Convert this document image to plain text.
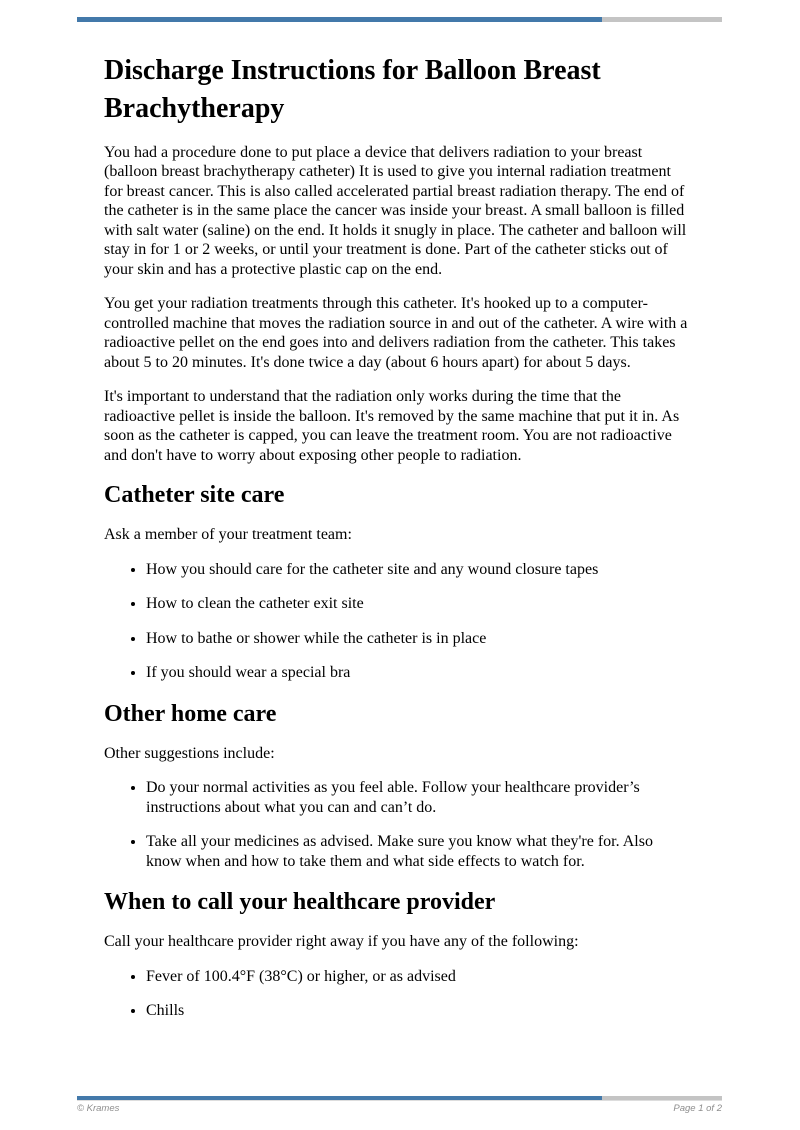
Discharge Instructions for Balloon Breast Brachytherapy

You had a procedure done to put place a device that delivers radiation to your breast (balloon breast brachytherapy catheter) It is used to give you internal radiation treatment for breast cancer. This is also called accelerated partial breast radiation therapy. The end of the catheter is in the same place the cancer was inside your breast. A small balloon is filled with salt water (saline) on the end. It holds it snugly in place. The catheter and balloon will stay in for 1 or 2 weeks, or until your treatment is done. Part of the catheter sticks out of your skin and has a protective plastic cap on the end.

You get your radiation treatments through this catheter. It's hooked up to a computer-controlled machine that moves the radiation source in and out of the catheter. A wire with a radioactive pellet on the end goes into and delivers radiation from the catheter. This takes about 5 to 20 minutes. It's done twice a day (about 6 hours apart) for about 5 days.

It's important to understand that the radiation only works during the time that the radioactive pellet is inside the balloon. It's removed by the same machine that put it in. As soon as the catheter is capped, you can leave the treatment room. You are not radioactive and don't have to worry about exposing other people to radiation.

Catheter site care

Ask a member of your treatment team:

• How you should care for the catheter site and any wound closure tapes
• How to clean the catheter exit site
• How to bathe or shower while the catheter is in place
• If you should wear a special bra
Other home care

Other suggestions include:

• Do your normal activities as you feel able. Follow your healthcare provider’s instructions about what you can and can’t do.
• Take all your medicines as advised. Make sure you know what they're for. Also know when and how to take them and what side effects to watch for.
When to call your healthcare provider

Call your healthcare provider right away if you have any of the following:

• Fever of 100.4°F (38°C) or higher, or as advised
• Chills
© Krames	Page 1 of 2
